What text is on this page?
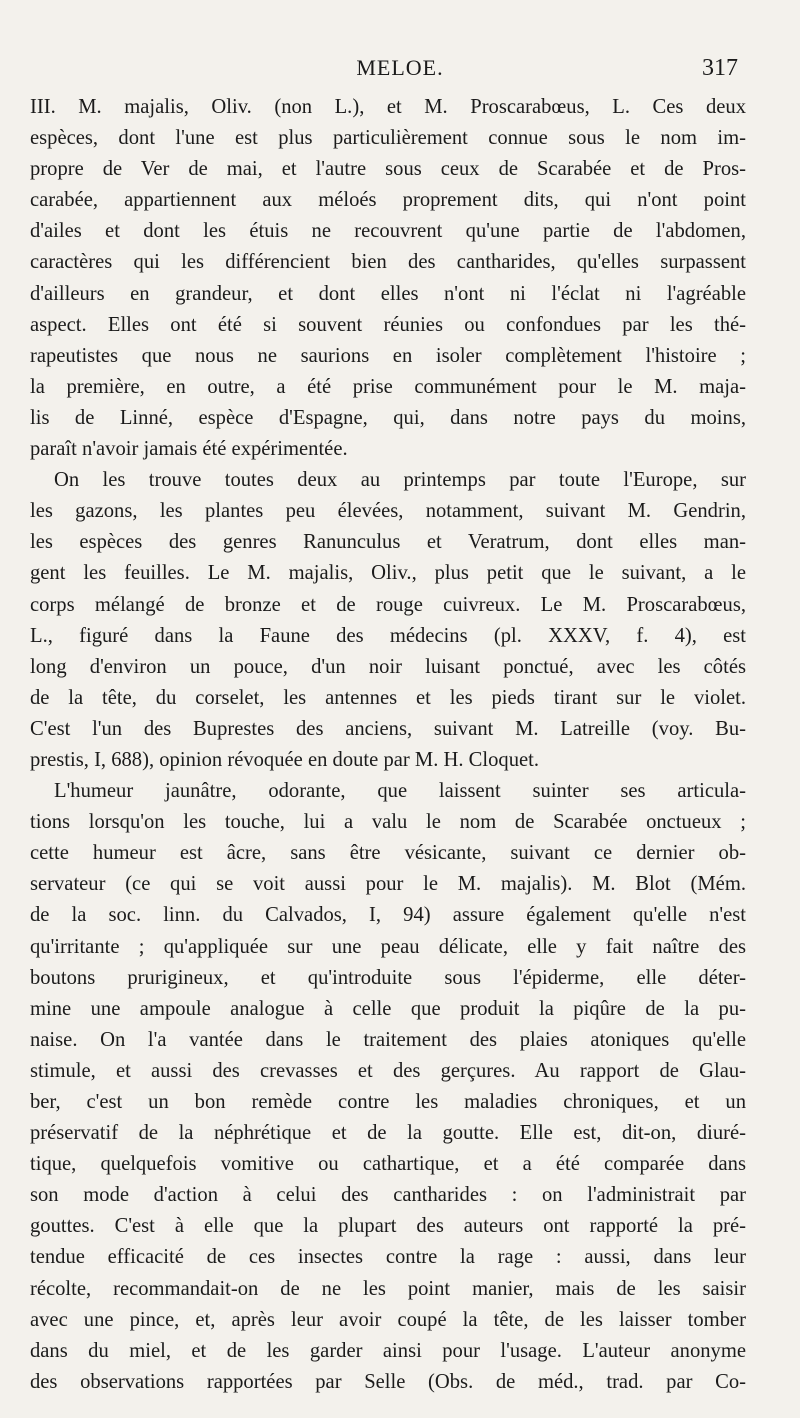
MELOE.	317
III. M. majalis, Oliv. (non L.), et M. Proscarabœus, L. Ces deux
espèces, dont l'une est plus particulièrement connue sous le nom im-
propre de Ver de mai, et l'autre sous ceux de Scarabée et de Pros-
carabée, appartiennent aux méloés proprement dits, qui n'ont point
d'ailes et dont les étuis ne recouvrent qu'une partie de l'abdomen,
caractères qui les différencient bien des cantharides, qu'elles surpassent
d'ailleurs en grandeur, et dont elles n'ont ni l'éclat ni l'agréable
aspect. Elles ont été si souvent réunies ou confondues par les thé-
rapeutistes que nous ne saurions en isoler complètement l'histoire ;
la première, en outre, a été prise communément pour le M. maja-
lis de Linné, espèce d'Espagne, qui, dans notre pays du moins,
paraît n'avoir jamais été expérimentée.
On les trouve toutes deux au printemps par toute l'Europe, sur
les gazons, les plantes peu élevées, notamment, suivant M. Gendrin,
les espèces des genres Ranunculus et Veratrum, dont elles man-
gent les feuilles. Le M. majalis, Oliv., plus petit que le suivant, a le
corps mélangé de bronze et de rouge cuivreux. Le M. Proscarabœus,
L., figuré dans la Faune des médecins (pl. XXXV, f. 4), est
long d'environ un pouce, d'un noir luisant ponctué, avec les côtés
de la tête, du corselet, les antennes et les pieds tirant sur le violet.
C'est l'un des Buprestes des anciens, suivant M. Latreille (voy. Bu-
prestis, I, 688), opinion révoquée en doute par M. H. Cloquet.
L'humeur jaunâtre, odorante, que laissent suinter ses articula-
tions lorsqu'on les touche, lui a valu le nom de Scarabée onctueux ;
cette humeur est âcre, sans être vésicante, suivant ce dernier ob-
servateur (ce qui se voit aussi pour le M. majalis). M. Blot (Mém.
de la soc. linn. du Calvados, I, 94) assure également qu'elle n'est
qu'irritante ; qu'appliquée sur une peau délicate, elle y fait naître des
boutons prurigineux, et qu'introduite sous l'épiderme, elle déter-
mine une ampoule analogue à celle que produit la piqûre de la pu-
naise. On l'a vantée dans le traitement des plaies atoniques qu'elle
stimule, et aussi des crevasses et des gerçures. Au rapport de Glau-
ber, c'est un bon remède contre les maladies chroniques, et un
préservatif de la néphrétique et de la goutte. Elle est, dit-on, diuré-
tique, quelquefois vomitive ou cathartique, et a été comparée dans
son mode d'action à celui des cantharides : on l'administrait par
gouttes. C'est à elle que la plupart des auteurs ont rapporté la pré-
tendue efficacité de ces insectes contre la rage : aussi, dans leur
récolte, recommandait-on de ne les point manier, mais de les saisir
avec une pince, et, après leur avoir coupé la tête, de les laisser tomber
dans du miel, et de les garder ainsi pour l'usage. L'auteur anonyme
des observations rapportées par Selle (Obs. de méd., trad. par Co-
